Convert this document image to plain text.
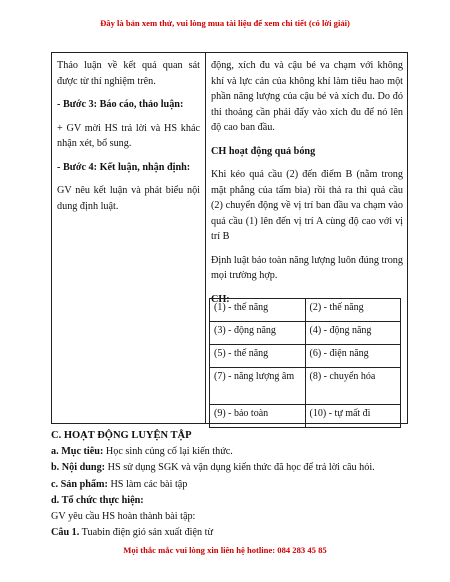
Đây là bản xem thử, vui lòng mua tài liệu để xem chi tiết (có lời giải)

Thảo luận về kết quả quan sát được từ thí nghiệm trên.

- Bước 3: Báo cáo, thảo luận:

+ GV mời HS trả lời và HS khác nhận xét, bổ sung.

- Bước 4: Kết luận, nhận định:

GV nêu kết luận và phát biểu nội dung định luật.

động, xích đu và cậu bé va chạm với không khí và lực cản của không khí làm tiêu hao một phần năng lượng của cậu bé và xích đu. Do đó thỉ thoảng cần phải đẩy vào xích đu để nó lên độ cao ban đầu.

CH hoạt động quả bóng

Khi kéo quả cầu (2) đến điểm B (nằm trong mặt phẳng của tấm bìa) rồi thả ra thì quả cầu (2) chuyển động về vị trí ban đầu va chạm vào quả cầu (1) lên đến vị trí A cùng độ cao với vị trí B

Định luật bảo toàn năng lượng luôn đúng trong mọi trường hợp.

CH:

(1) - thế năng	(2) - thế năng
(3) - động năng	(4) - động năng
(5) - thế năng	(6) - điện năng
(7) - năng lượng âm	(8) - chuyển hóa
(9) - bảo toàn	(10) - tự mất đi

C. HOẠT ĐỘNG LUYỆN TẬP

a. Mục tiêu: Học sinh củng cố lại kiến thức.

b. Nội dung: HS sử dụng SGK và vận dụng kiến thức đã học để trả lời câu hỏi.

c. Sản phẩm: HS làm các bài tập

d. Tổ chức thực hiện:

GV yêu cầu HS hoàn thành bài tập:

Câu 1. Tuabin điện gió sản xuất điện từ

Mọi thắc mắc vui lòng xin liên hệ hotline: 084 283 45 85
